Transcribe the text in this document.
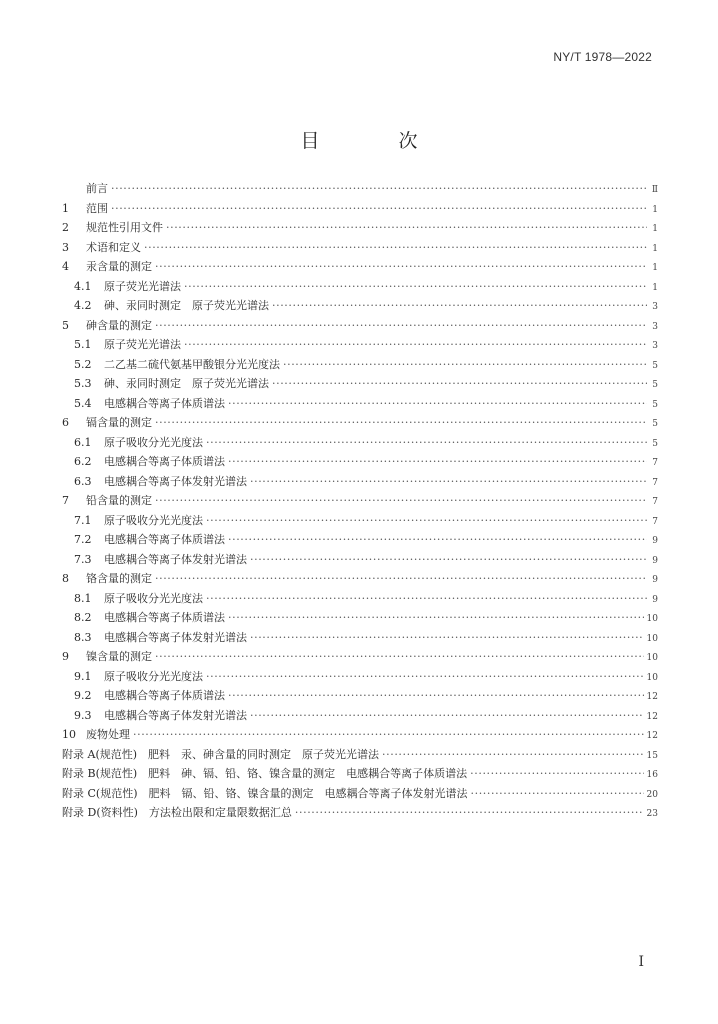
NY/T 1978—2022
目　次
前言 ·····	Ⅱ
1	范围 ·····	1
2	规范性引用文件 ·····	1
3	术语和定义 ·····	1
4	汞含量的测定 ·····	1
4.1	原子荧光光谱法 ·····	1
4.2	砷、汞同时测定　原子荧光光谱法 ·····	3
5	砷含量的测定 ·····	3
5.1	原子荧光光谱法 ·····	3
5.2	二乙基二硫代氨基甲酸银分光光度法 ·····	5
5.3	砷、汞同时测定　原子荧光光谱法 ·····	5
5.4	电感耦合等离子体质谱法 ·····	5
6	镉含量的测定 ·····	5
6.1	原子吸收分光光度法 ·····	5
6.2	电感耦合等离子体质谱法 ·····	7
6.3	电感耦合等离子体发射光谱法 ·····	7
7	铅含量的测定 ·····	7
7.1	原子吸收分光光度法 ·····	7
7.2	电感耦合等离子体质谱法 ·····	9
7.3	电感耦合等离子体发射光谱法 ·····	9
8	铬含量的测定 ·····	9
8.1	原子吸收分光光度法 ·····	9
8.2	电感耦合等离子体质谱法 ·····	10
8.3	电感耦合等离子体发射光谱法 ·····	10
9	镍含量的测定 ·····	10
9.1	原子吸收分光光度法 ·····	10
9.2	电感耦合等离子体质谱法 ·····	12
9.3	电感耦合等离子体发射光谱法 ·····	12
10 废物处理 ·····	12
附录 A(规范性)　肥料　汞、砷含量的同时测定　原子荧光光谱法 ·····	15
附录 B(规范性)　肥料　砷、镉、铅、铬、镍含量的测定　电感耦合等离子体质谱法 ·····	16
附录 C(规范性)　肥料　镉、铅、铬、镍含量的测定　电感耦合等离子体发射光谱法 ·····	20
附录 D(资料性)　方法检出限和定量限数据汇总 ·····	23
Ⅰ
